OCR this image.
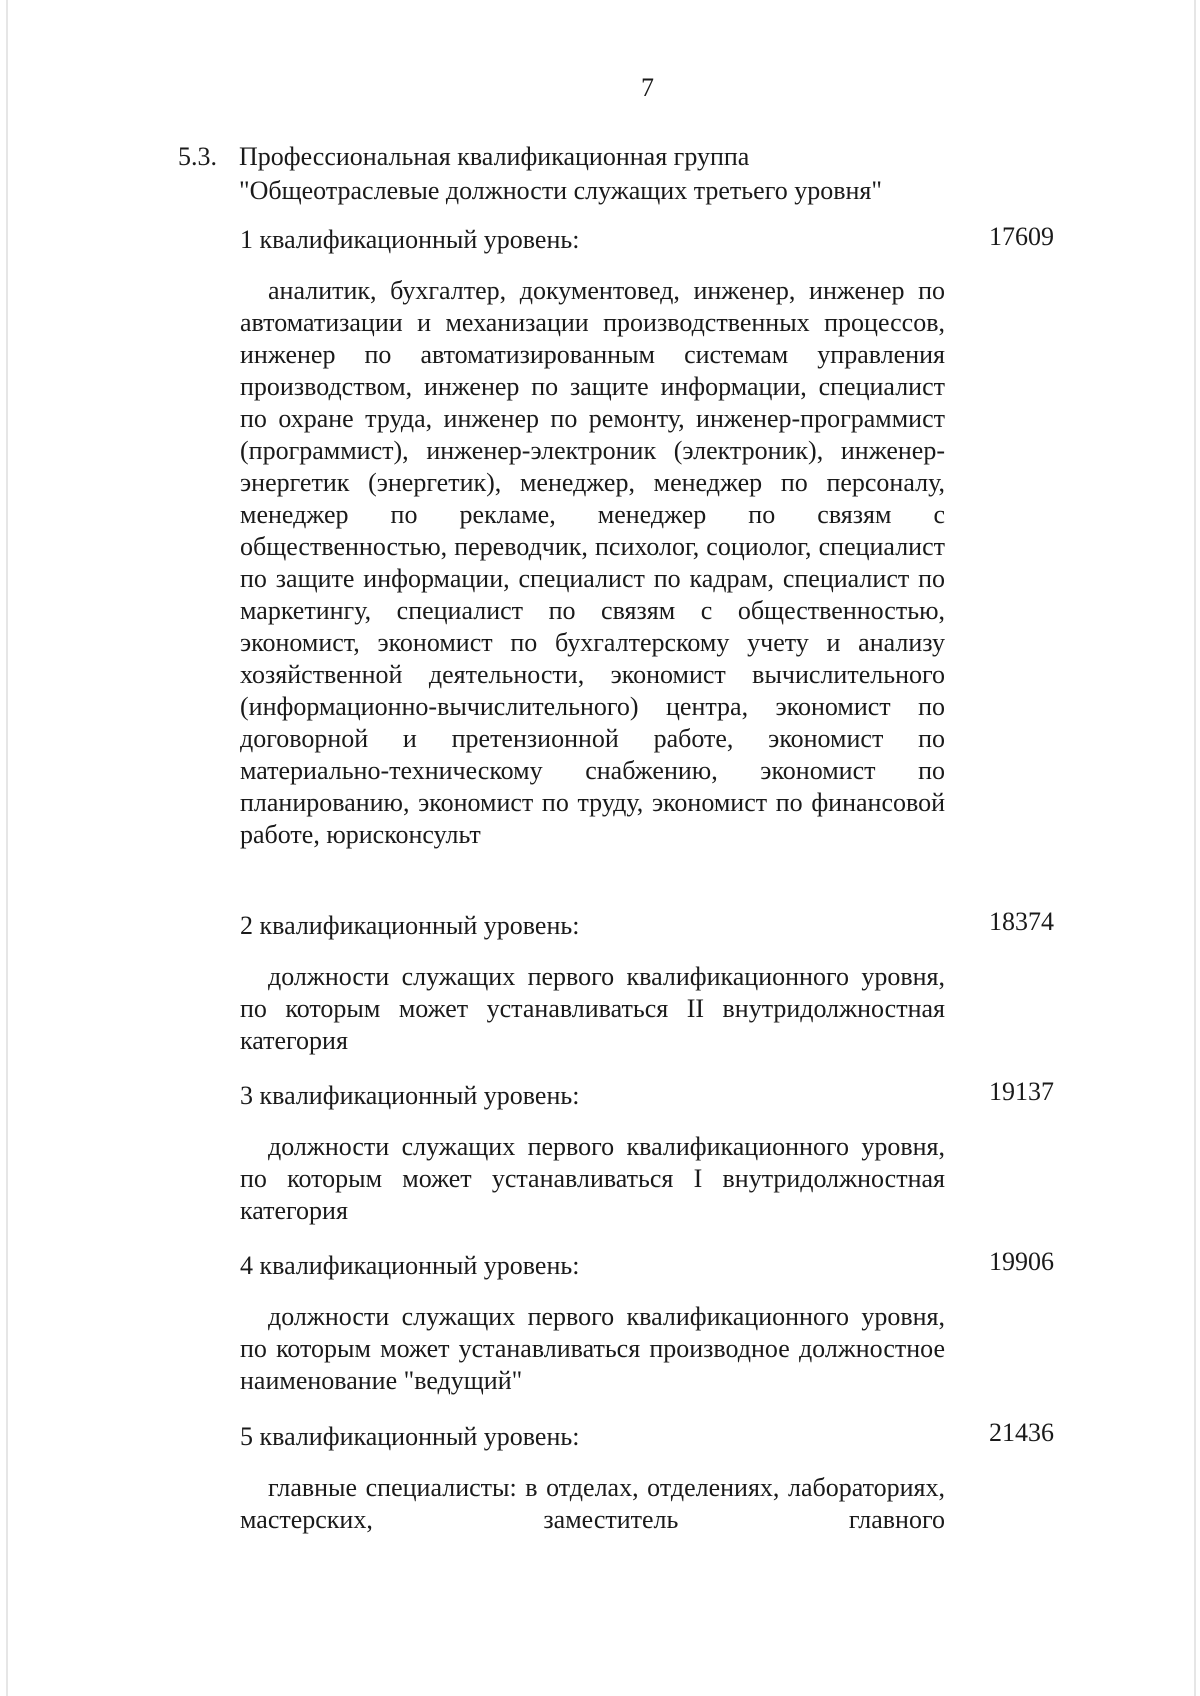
7
5.3. Профессиональная квалификационная группа
"Общеотраслевые должности служащих третьего уровня"
1 квалификационный уровень:	17609
аналитик, бухгалтер, документовед, инженер, инженер по автоматизации и механизации производственных процессов, инженер по автоматизированным системам управления производством, инженер по защите информации, специалист по охране труда, инженер по ремонту, инженер-программист (программист), инженер-электроник (электроник), инженер-энергетик (энергетик), менеджер, менеджер по персоналу, менеджер по рекламе, менеджер по связям с общественностью, переводчик, психолог, социолог, специалист по защите информации, специалист по кадрам, специалист по маркетингу, специалист по связям с общественностью, экономист, экономист по бухгалтерскому учету и анализу хозяйственной деятельности, экономист вычислительного (информационно-вычислительного) центра, экономист по договорной и претензионной работе, экономист по материально-техническому снабжению, экономист по планированию, экономист по труду, экономист по финансовой работе, юрисконсульт
2 квалификационный уровень:	18374
должности служащих первого квалификационного уровня, по которым может устанавливаться II внутридолжностная категория
3 квалификационный уровень:	19137
должности служащих первого квалификационного уровня, по которым может устанавливаться I внутридолжностная категория
4 квалификационный уровень:	19906
должности служащих первого квалификационного уровня, по которым может устанавливаться производное должностное наименование "ведущий"
5 квалификационный уровень:	21436
главные специалисты: в отделах, отделениях, лабораториях, мастерских, заместитель главного
